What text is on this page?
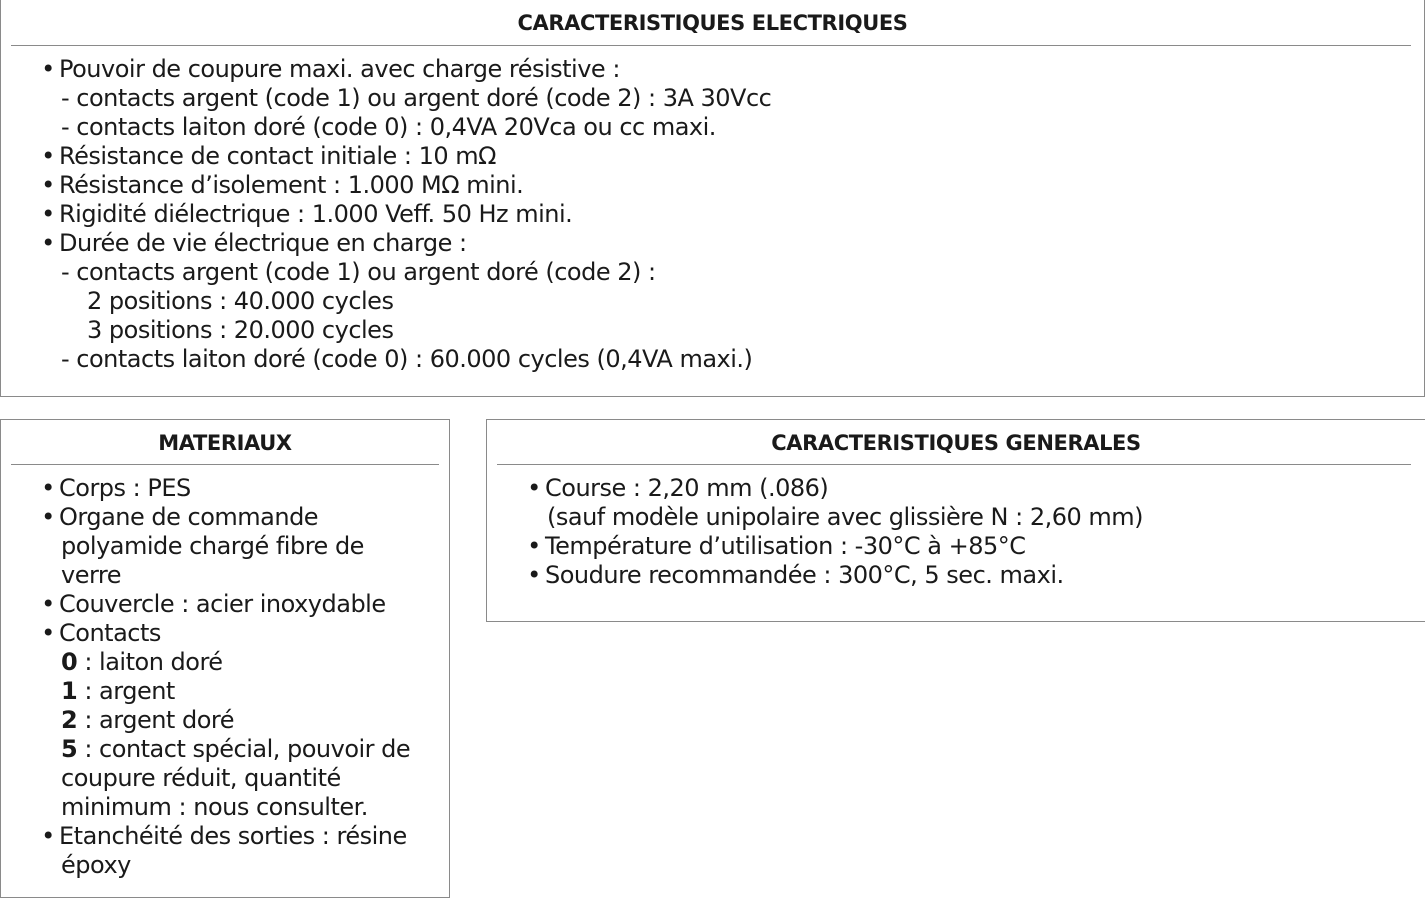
CARACTERISTIQUES ELECTRIQUES
• Pouvoir de coupure maxi. avec charge résistive :
- contacts argent (code 1) ou argent doré (code 2) : 3A 30Vcc
- contacts laiton doré (code 0) : 0,4VA 20Vca ou cc maxi.
• Résistance de contact initiale : 10 mΩ
• Résistance d’isolement : 1.000 MΩ mini.
• Rigidité diélectrique : 1.000 Veff. 50 Hz mini.
• Durée de vie électrique en charge :
- contacts argent (code 1) ou argent doré (code 2) :
2 positions : 40.000 cycles
3 positions : 20.000 cycles
- contacts laiton doré (code 0) : 60.000 cycles (0,4VA maxi.)
MATERIAUX
• Corps : PES
• Organe de commande
polyamide chargé fibre de
verre
• Couvercle : acier inoxydable
• Contacts
0 : laiton doré
1 : argent
2 : argent doré
5 : contact spécial, pouvoir de
coupure réduit, quantité
minimum : nous consulter.
• Etanchéité des sorties : résine
époxy
CARACTERISTIQUES GENERALES
• Course : 2,20 mm (.086)
(sauf modèle unipolaire avec glissière N : 2,60 mm)
• Température d’utilisation : -30°C à +85°C
• Soudure recommandée : 300°C, 5 sec. maxi.
